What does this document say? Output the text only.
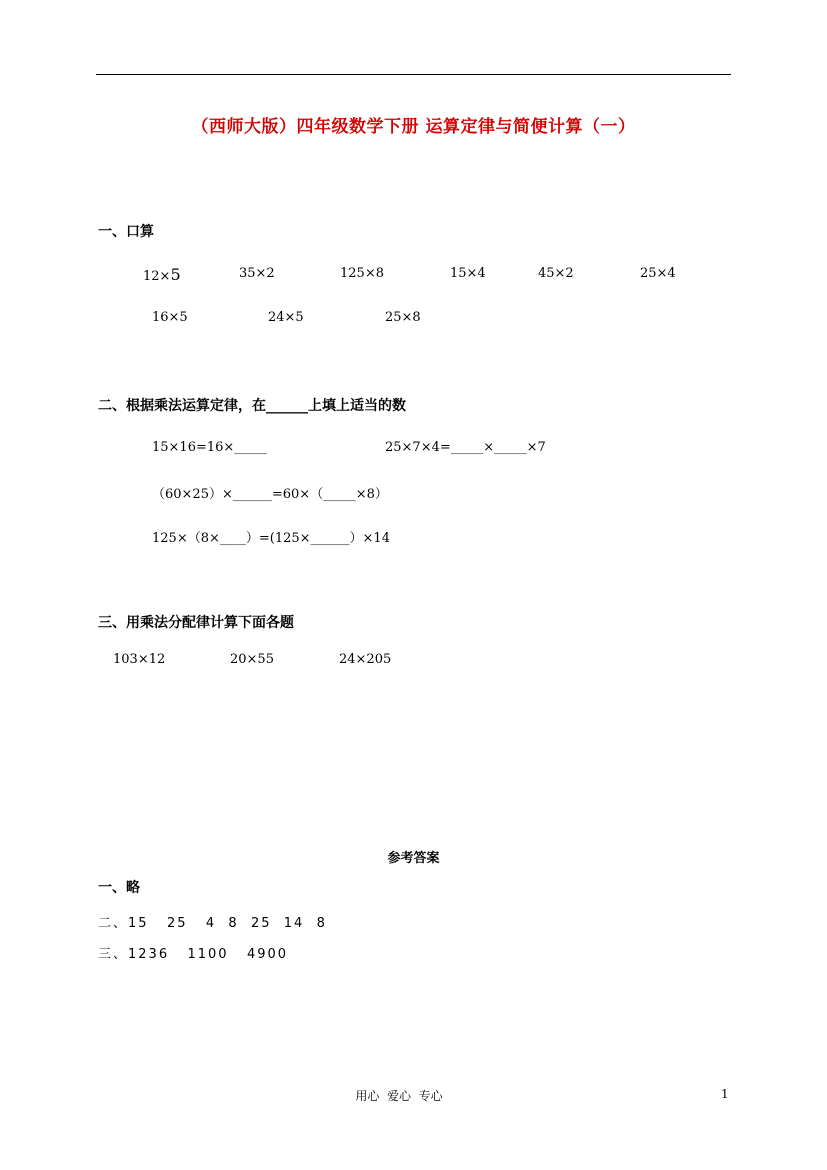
（西师大版）四年级数学下册 运算定律与简便计算（一）
一、口算
12×5	35×2	125×8	15×4	45×2	25×4
16×5	24×5	25×8
二、根据乘法运算定律，在______上填上适当的数
15×16=16×_____	25×7×4=_____×_____×7
（60×25）×______=60×（_____×8）
125×（8×____）=(125×______）×14
三、用乘法分配律计算下面各题
103×12	20×55	24×205
参考答案
一、略
二、15   25   4  8  25  14  8
三、1236   1100   4900
用心  爱心  专心	1
